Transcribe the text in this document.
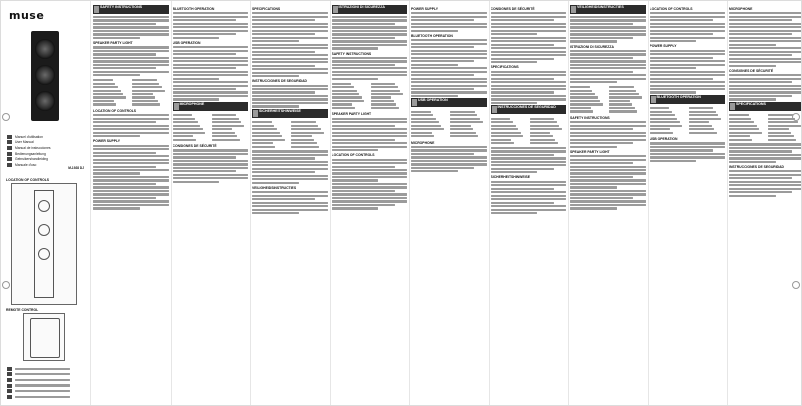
muse
Manuel d'utilisation
User Manual
Manual de instrucciones
Bedienungsanleitung
Gebruikershandleiding
Manuale d'uso
M-1928 DJ
LOCATION OF CONTROLS
REMOTE CONTROL
SAFETY INSTRUCTIONS
SPEAKER PARTY LIGHT
LOCATION OF CONTROLS
POWER SUPPLY
BLUETOOTH OPERATION
USB OPERATION
MICROPHONE
CONSIGNES DE SÉCURITÉ
SPECIFICATIONS
INSTRUCCIONES DE SEGURIDAD
SICHERHEITSHINWEISE
VEILIGHEIDSINSTRUCTIES
ISTRUZIONI DI SICUREZZA
SAFETY INSTRUCTIONS
SPEAKER PARTY LIGHT
LOCATION OF CONTROLS
POWER SUPPLY
BLUETOOTH OPERATION
USB OPERATION
MICROPHONE
CONSIGNES DE SÉCURITÉ
SPECIFICATIONS
INSTRUCCIONES DE SEGURIDAD
SICHERHEITSHINWEISE
VEILIGHEIDSINSTRUCTIES
ISTRUZIONI DI SICUREZZA
SAFETY INSTRUCTIONS
SPEAKER PARTY LIGHT
LOCATION OF CONTROLS
POWER SUPPLY
BLUETOOTH OPERATION
USB OPERATION
MICROPHONE
CONSIGNES DE SÉCURITÉ
SPECIFICATIONS
INSTRUCCIONES DE SEGURIDAD
